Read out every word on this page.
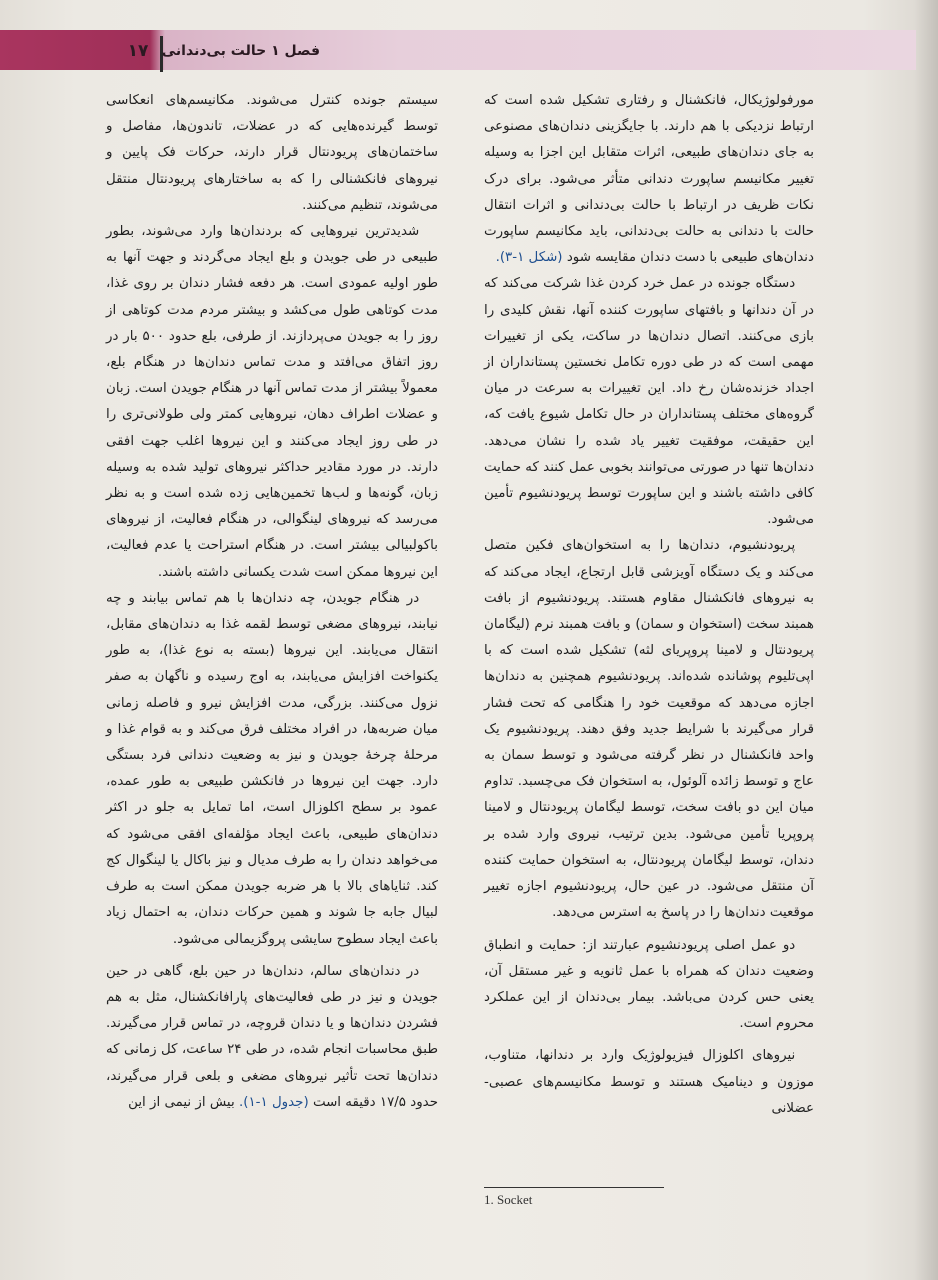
۱۷ فصل ۱ حالت بی‌دندانی

مورفولوژیکال، فانکشنال و رفتاری تشکیل شده است که ارتباط نزدیکی با هم دارند. با جایگزینی دندان‌های مصنوعی به جای دندان‌های طبیعی، اثرات متقابل این اجزا به وسیله تغییر مکانیسم ساپورت دندانی متأثر می‌شود. برای درک نکات ظریف در ارتباط با حالت بی‌دندانی و اثرات انتقال حالت با دندانی به حالت بی‌دندانی، باید مکانیسم ساپورت دندان‌های طبیعی با دست دندان مقایسه شود (شکل ۱-۳).

دستگاه جونده در عمل خرد کردن غذا شرکت می‌کند که در آن دندانها و بافتهای ساپورت کننده آنها، نقش کلیدی را بازی می‌کنند. اتصال دندان‌ها در ساکت، یکی از تغییرات مهمی است که در طی دوره تکامل نخستین پستانداران از اجداد خزنده‌شان رخ داد. این تغییرات به سرعت در میان گروه‌های مختلف پستانداران در حال تکامل شیوع یافت که، این حقیقت، موفقیت تغییر یاد شده را نشان می‌دهد. دندان‌ها تنها در صورتی می‌توانند بخوبی عمل کنند که حمایت کافی داشته باشند و این ساپورت توسط پریودنشیوم تأمین می‌شود.

پریودنشیوم، دندان‌ها را به استخوان‌های فکین متصل می‌کند و یک دستگاه آویزشی قابل ارتجاع، ایجاد می‌کند که به نیروهای فانکشنال مقاوم هستند. پریودنشیوم از بافت همبند سخت (استخوان و سمان) و بافت همبند نرم (لیگامان پریودنتال و لامینا پروپریای لثه) تشکیل شده است که با اپی‌تلیوم پوشانده شده‌اند. پریودنشیوم همچنین به دندان‌ها اجازه می‌دهد که موقعیت خود را هنگامی که تحت فشار قرار می‌گیرند با شرایط جدید وفق دهند. پریودنشیوم یک واحد فانکشنال در نظر گرفته می‌شود و توسط سمان به عاج و توسط زائده آلوئول، به استخوان فک می‌چسبد. تداوم میان این دو بافت سخت، توسط لیگامان پریودنتال و لامینا پروپریا تأمین می‌شود. بدین ترتیب، نیروی وارد شده بر دندان، توسط لیگامان پریودنتال، به استخوان حمایت کننده آن منتقل می‌شود. در عین حال، پریودنشیوم اجازه تغییر موقعیت دندان‌ها را در پاسخ به استرس می‌دهد.

دو عمل اصلی پریودنشیوم عبارتند از: حمایت و انطباق وضعیت دندان که همراه با عمل ثانویه و غیر مستقل آن، یعنی حس کردن می‌باشد. بیمار بی‌دندان از این عملکرد محروم است.

نیروهای اکلوزال فیزیولوژیک وارد بر دندانها، متناوب، موزون و دینامیک هستند و توسط مکانیسم‌های عصبی- عضلانی

سیستم جونده کنترل می‌شوند. مکانیسم‌های انعکاسی توسط گیرنده‌هایی که در عضلات، تاندون‌ها، مفاصل و ساختمان‌های پریودنتال قرار دارند، حرکات فک پایین و نیروهای فانکشنالی را که به ساختارهای پریودنتال منتقل می‌شوند، تنظیم می‌کنند.

شدیدترین نیروهایی که بردندان‌ها وارد می‌شوند، بطور طبیعی در طی جویدن و بلع ایجاد می‌گردند و جهت آنها به طور اولیه عمودی است. هر دفعه فشار دندان بر روی غذا، مدت کوتاهی طول می‌کشد و بیشتر مردم مدت کوتاهی از روز را به جویدن می‌پردازند. از طرفی، بلع حدود ۵۰۰ بار در روز اتفاق می‌افتد و مدت تماس دندان‌ها در هنگام بلع، معمولاً بیشتر از مدت تماس آنها در هنگام جویدن است. زبان و عضلات اطراف دهان، نیروهایی کمتر ولی طولانی‌تری را در طی روز ایجاد می‌کنند و این نیروها اغلب جهت افقی دارند. در مورد مقادیر حداکثر نیروهای تولید شده به وسیله زبان، گونه‌ها و لب‌ها تخمین‌هایی زده شده است و به نظر می‌رسد که نیروهای لینگوالی، در هنگام فعالیت، از نیروهای باکولبیالی بیشتر است. در هنگام استراحت یا عدم فعالیت، این نیروها ممکن است شدت یکسانی داشته باشند.

در هنگام جویدن، چه دندان‌ها با هم تماس بیابند و چه نیابند، نیروهای مضغی توسط لقمه غذا به دندان‌های مقابل، انتقال می‌یابند. این نیروها (بسته به نوع غذا)، به طور یکنواخت افزایش می‌یابند، به اوج رسیده و ناگهان به صفر نزول می‌کنند. بزرگی، مدت افزایش نیرو و فاصله زمانی میان ضربه‌ها، در افراد مختلف فرق می‌کند و به قوام غذا و مرحلهٔ چرخهٔ جویدن و نیز به وضعیت دندانی فرد بستگی دارد. جهت این نیروها در فانکشن طبیعی به طور عمده، عمود بر سطح اکلوزال است، اما تمایل به جلو در اکثر دندان‌های طبیعی، باعث ایجاد مؤلفه‌ای افقی می‌شود که می‌خواهد دندان را به طرف مدیال و نیز باکال یا لینگوال کج کند. ثنایاهای بالا با هر ضربه جویدن ممکن است به طرف لبیال جابه جا شوند و همین حرکات دندان، به احتمال زیاد باعث ایجاد سطوح سایشی پروگزیمالی می‌شود.

در دندان‌های سالم، دندان‌ها در حین بلع، گاهی در حین جویدن و نیز در طی فعالیت‌های پارافانکشنال، مثل به هم فشردن دندان‌ها و یا دندان قروچه، در تماس قرار می‌گیرند. طبق محاسبات انجام شده، در طی ۲۴ ساعت، کل زمانی که دندان‌ها تحت تأثیر نیروهای مضغی و بلعی قرار می‌گیرند، حدود ۱۷/۵ دقیقه است (جدول ۱-۱). بیش از نیمی از این

1. Socket
